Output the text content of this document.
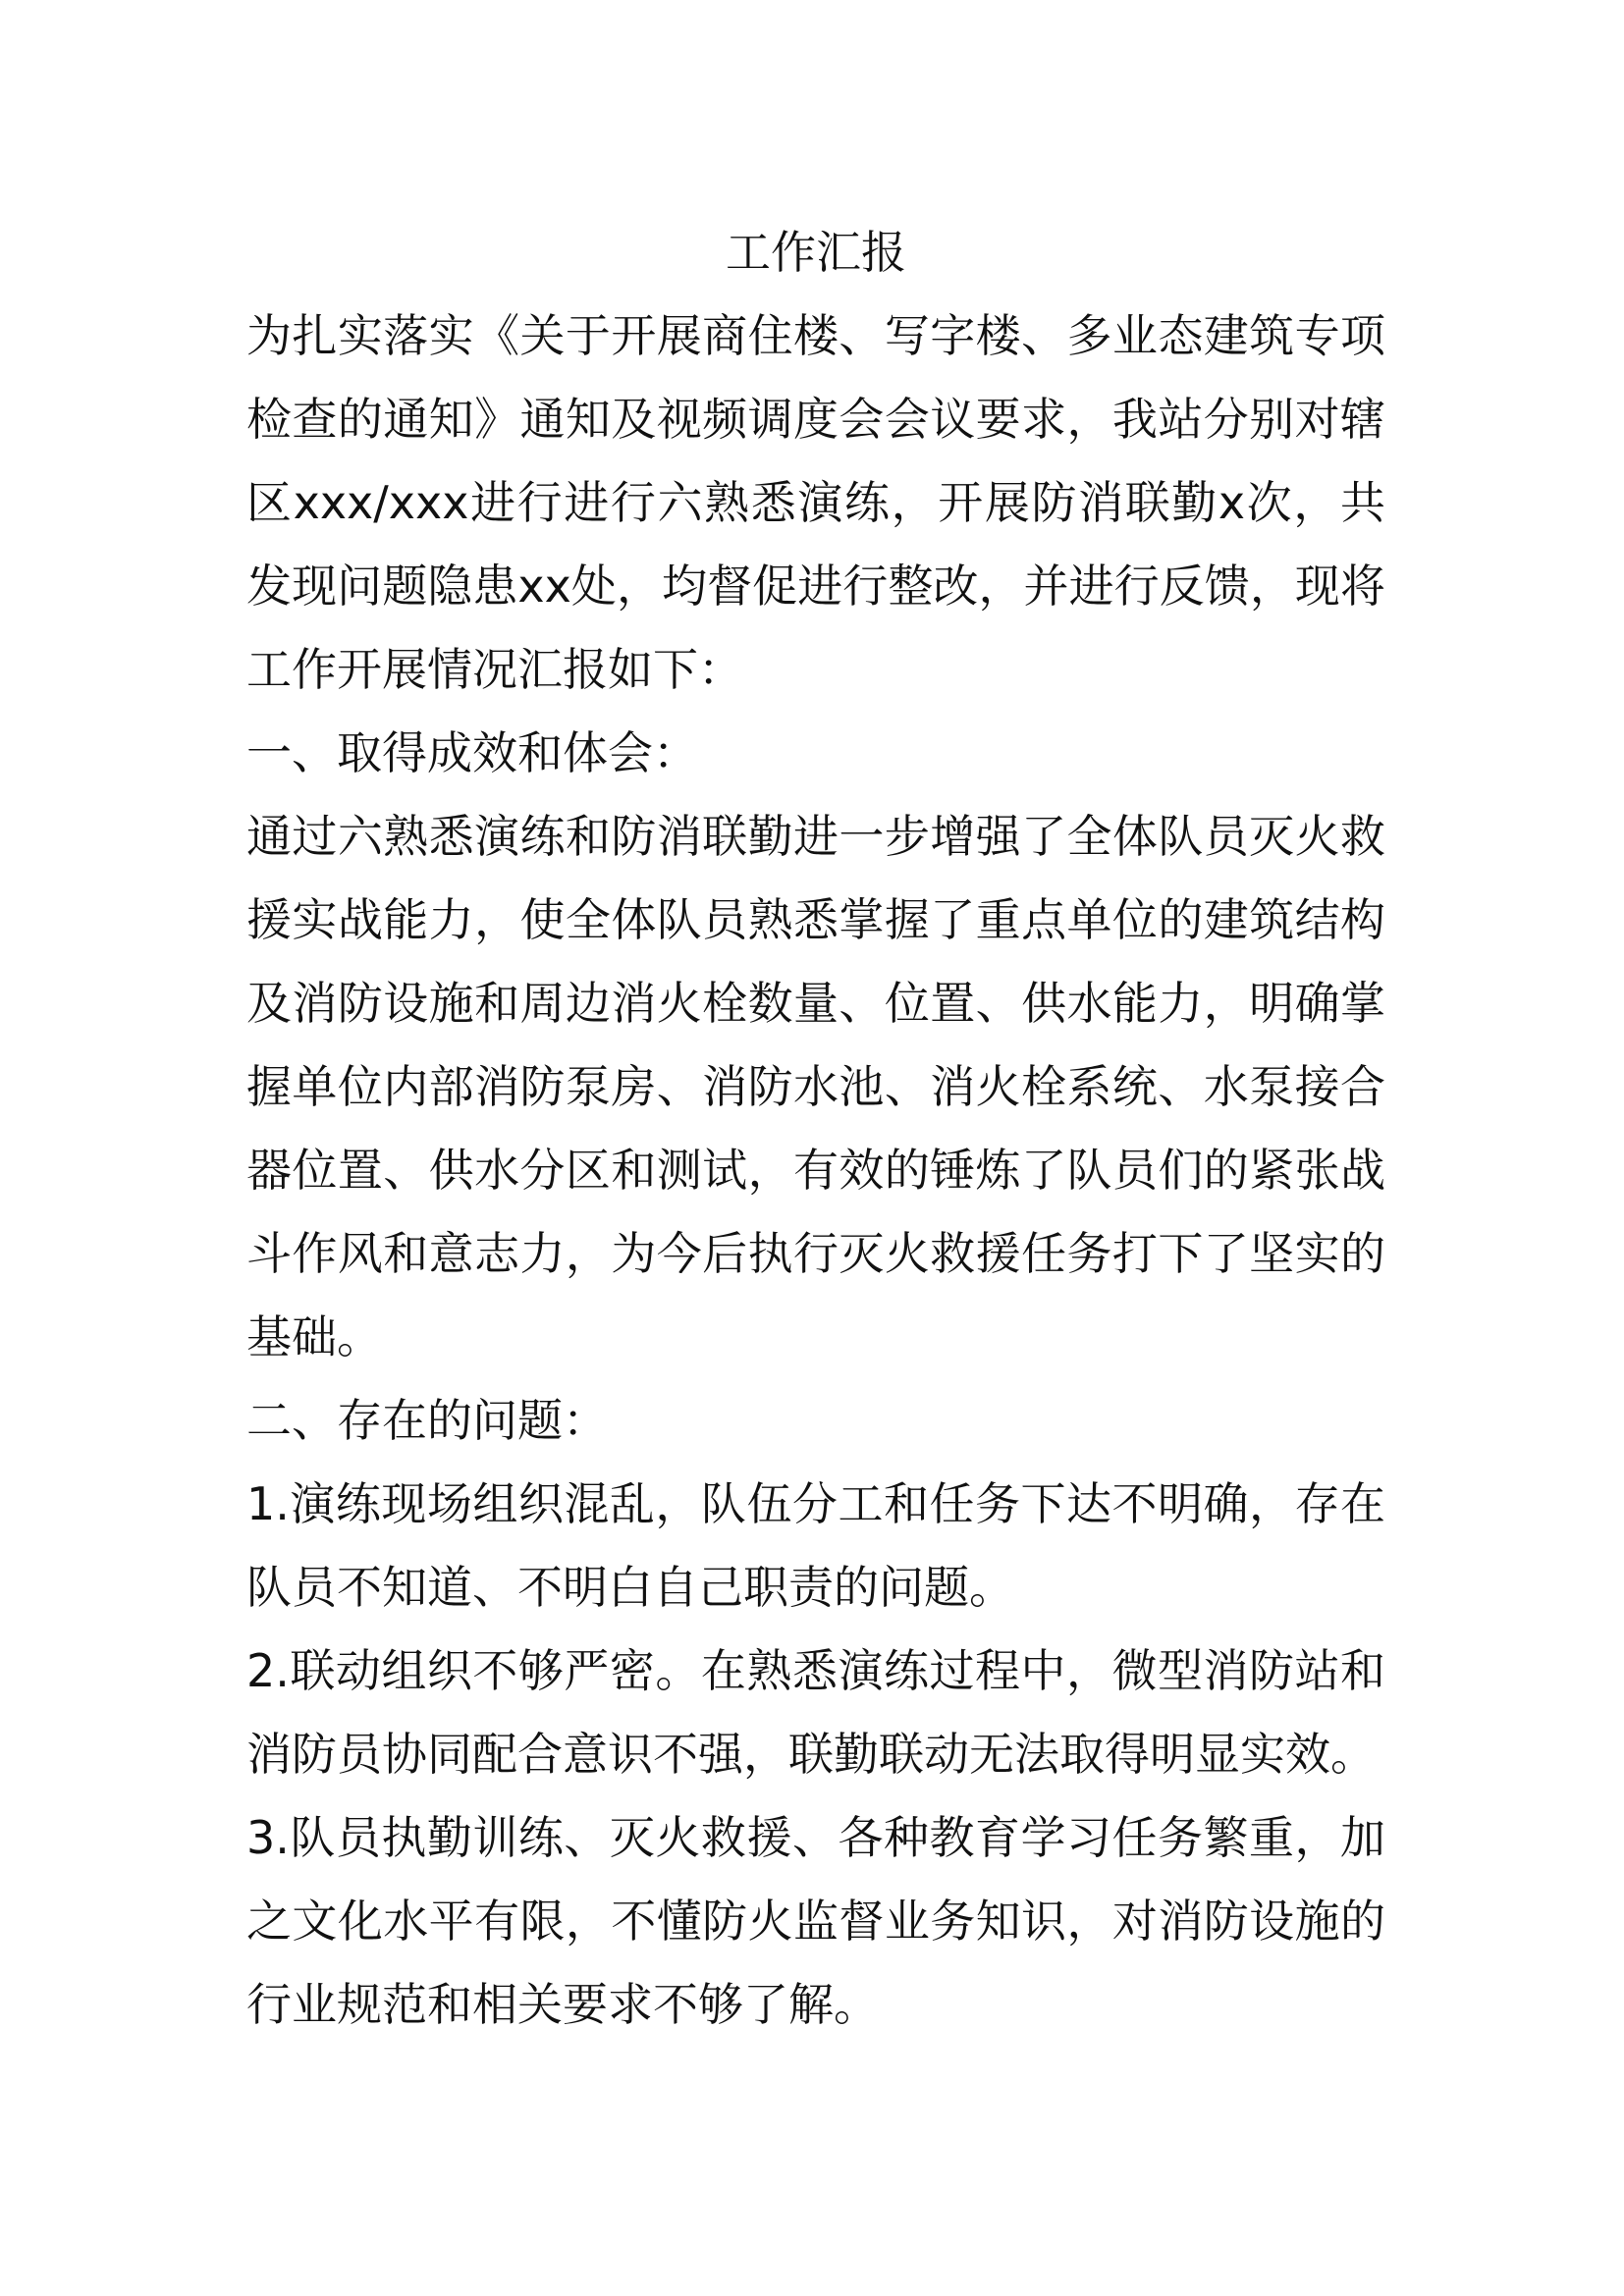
工作汇报

为扎实落实《关于开展商住楼、写字楼、多业态建筑专项检查的通知》通知及视频调度会会议要求，我站分别对辖区xxx/xxx进行进行六熟悉演练，开展防消联勤x次，共发现问题隐患xx处，均督促进行整改，并进行反馈，现将工作开展情况汇报如下：

一、取得成效和体会：

通过六熟悉演练和防消联勤进一步增强了全体队员灭火救援实战能力，使全体队员熟悉掌握了重点单位的建筑结构及消防设施和周边消火栓数量、位置、供水能力，明确掌握单位内部消防泵房、消防水池、消火栓系统、水泵接合器位置、供水分区和测试，有效的锤炼了队员们的紧张战斗作风和意志力，为今后执行灭火救援任务打下了坚实的基础。

二、存在的问题：

1.演练现场组织混乱，队伍分工和任务下达不明确，存在队员不知道、不明白自己职责的问题。

2.联动组织不够严密。在熟悉演练过程中，微型消防站和消防员协同配合意识不强，联勤联动无法取得明显实效。

3.队员执勤训练、灭火救援、各种教育学习任务繁重，加之文化水平有限，不懂防火监督业务知识，对消防设施的行业规范和相关要求不够了解。
